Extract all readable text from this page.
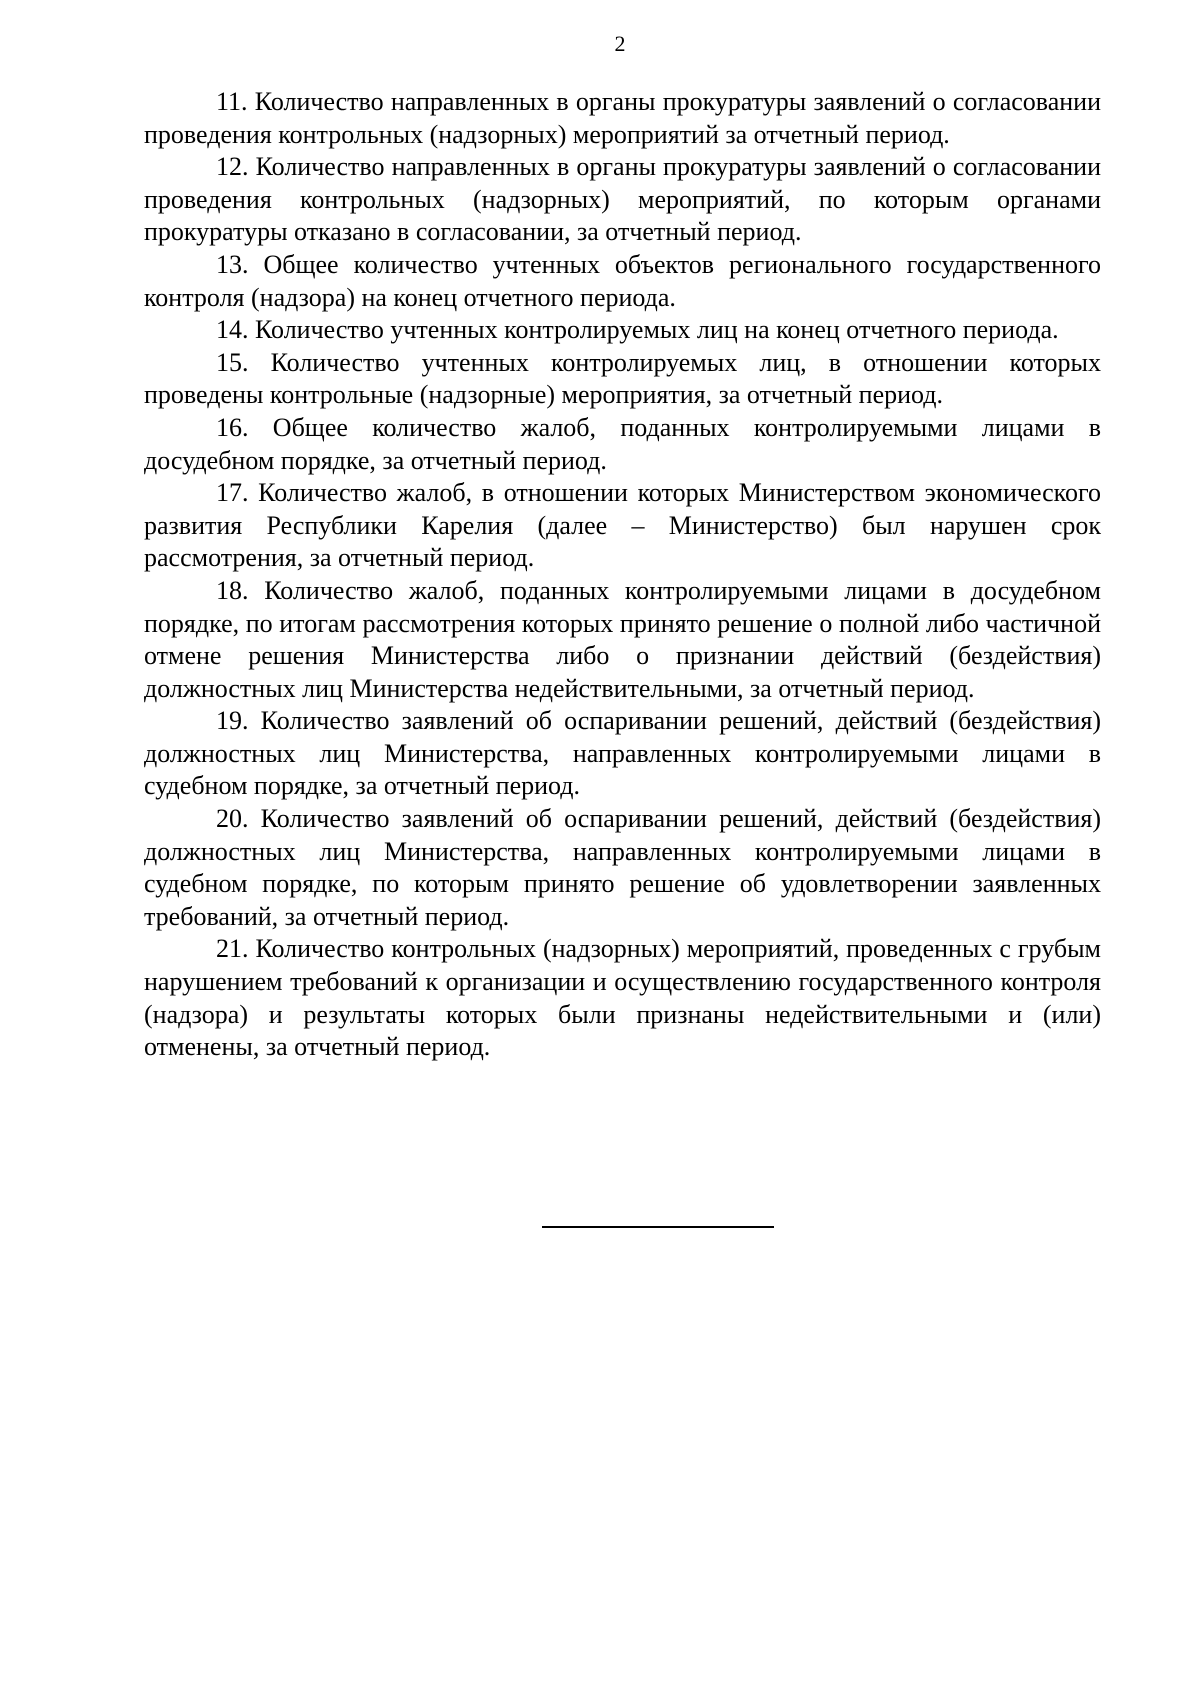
2

11. Количество направленных в органы прокуратуры заявлений о согласовании проведения контрольных (надзорных) мероприятий за отчетный период.

12. Количество направленных в органы прокуратуры заявлений о согласовании проведения контрольных (надзорных) мероприятий, по которым органами прокуратуры отказано в согласовании, за отчетный период.

13. Общее количество учтенных объектов регионального государственного контроля (надзора) на конец отчетного периода.

14. Количество учтенных контролируемых лиц на конец отчетного периода.

15. Количество учтенных контролируемых лиц, в отношении которых проведены контрольные (надзорные) мероприятия, за отчетный период.

16. Общее количество жалоб, поданных контролируемыми лицами в досудебном порядке, за отчетный период.

17. Количество жалоб, в отношении которых Министерством экономического развития Республики Карелия (далее – Министерство) был нарушен срок рассмотрения, за отчетный период.

18. Количество жалоб, поданных контролируемыми лицами в досудебном порядке, по итогам рассмотрения которых принято решение о полной либо частичной отмене решения Министерства либо о признании действий (бездействия) должностных лиц Министерства недействительными, за отчетный период.

19. Количество заявлений об оспаривании решений, действий (бездействия) должностных лиц Министерства, направленных контролируемыми лицами в судебном порядке, за отчетный период.

20. Количество заявлений об оспаривании решений, действий (бездействия) должностных лиц Министерства, направленных контролируемыми лицами в судебном порядке, по которым принято решение об удовлетворении заявленных требований, за отчетный период.

21. Количество контрольных (надзорных) мероприятий, проведенных с грубым нарушением требований к организации и осуществлению государственного контроля (надзора) и результаты которых были признаны недействительными и (или) отменены, за отчетный период.
